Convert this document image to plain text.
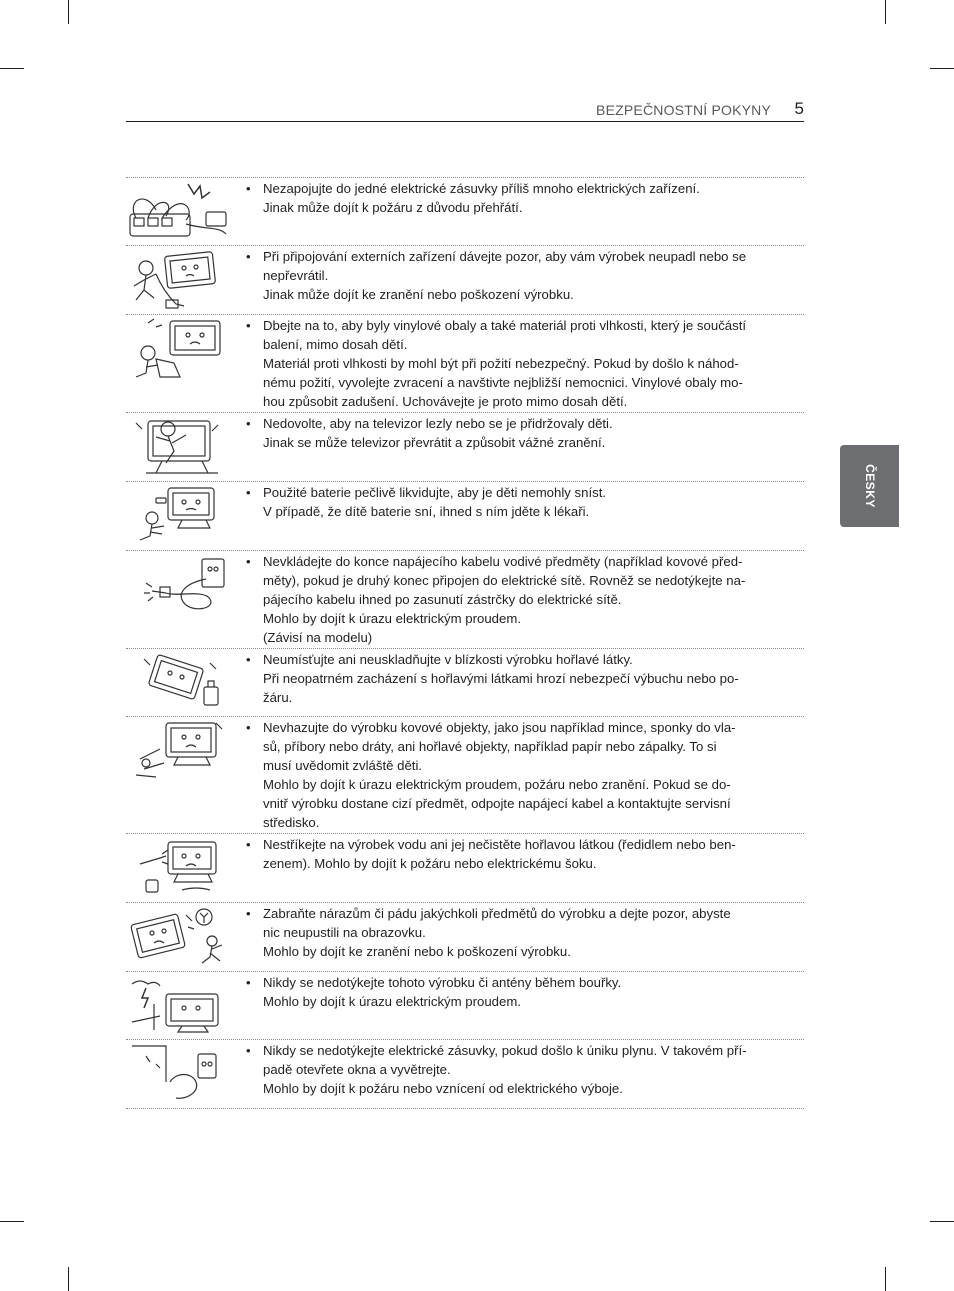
BEZPEČNOSTNÍ POKYNY 5
ČESKY
• Nezapojujte do jedné elektrické zásuvky příliš mnoho elektrických zařízení.
Jinak může dojít k požáru z důvodu přehřátí.
• Při připojování externích zařízení dávejte pozor, aby vám výrobek neupadl nebo se
nepřevrátil.
Jinak může dojít ke zranění nebo poškození výrobku.
• Dbejte na to, aby byly vinylové obaly a také materiál proti vlhkosti, který je součástí
balení, mimo dosah dětí.
Materiál proti vlhkosti by mohl být při požití nebezpečný. Pokud by došlo k náhod-
nému požití, vyvolejte zvracení a navštivte nejbližší nemocnici. Vinylové obaly mo-
hou způsobit zadušení. Uchovávejte je proto mimo dosah dětí.
• Nedovolte, aby na televizor lezly nebo se je přidržovaly děti.
Jinak se může televizor převrátit a způsobit vážné zranění.
• Použité baterie pečlivě likvidujte, aby je děti nemohly sníst.
V případě, že dítě baterie sní, ihned s ním jděte k lékaři.
• Nevkládejte do konce napájecího kabelu vodivé předměty (například kovové před-
měty), pokud je druhý konec připojen do elektrické sítě. Rovněž se nedotýkejte na-
pájecího kabelu ihned po zasunutí zástrčky do elektrické sítě.
Mohlo by dojít k úrazu elektrickým proudem.
(Závisí na modelu)
• Neumísťujte ani neuskladňujte v blízkosti výrobku hořlavé látky.
Při neopatrném zacházení s hořlavými látkami hrozí nebezpečí výbuchu nebo po-
žáru.
• Nevhazujte do výrobku kovové objekty, jako jsou například mince, sponky do vla-
sů, příbory nebo dráty, ani hořlavé objekty, například papír nebo zápalky. To si
musí uvědomit zvláště děti.
Mohlo by dojít k úrazu elektrickým proudem, požáru nebo zranění. Pokud se do-
vnitř výrobku dostane cizí předmět, odpojte napájecí kabel a kontaktujte servisní
středisko.
• Nestříkejte na výrobek vodu ani jej nečistěte hořlavou látkou (ředidlem nebo ben-
zenem). Mohlo by dojít k požáru nebo elektrickému šoku.
• Zabraňte nárazům či pádu jakýchkoli předmětů do výrobku a dejte pozor, abyste
nic neupustili na obrazovku.
Mohlo by dojít ke zranění nebo k poškození výrobku.
• Nikdy se nedotýkejte tohoto výrobku či antény během bouřky.
Mohlo by dojít k úrazu elektrickým proudem.
• Nikdy se nedotýkejte elektrické zásuvky, pokud došlo k úniku plynu. V takovém pří-
padě otevřete okna a vyvětrejte.
Mohlo by dojít k požáru nebo vznícení od elektrického výboje.
